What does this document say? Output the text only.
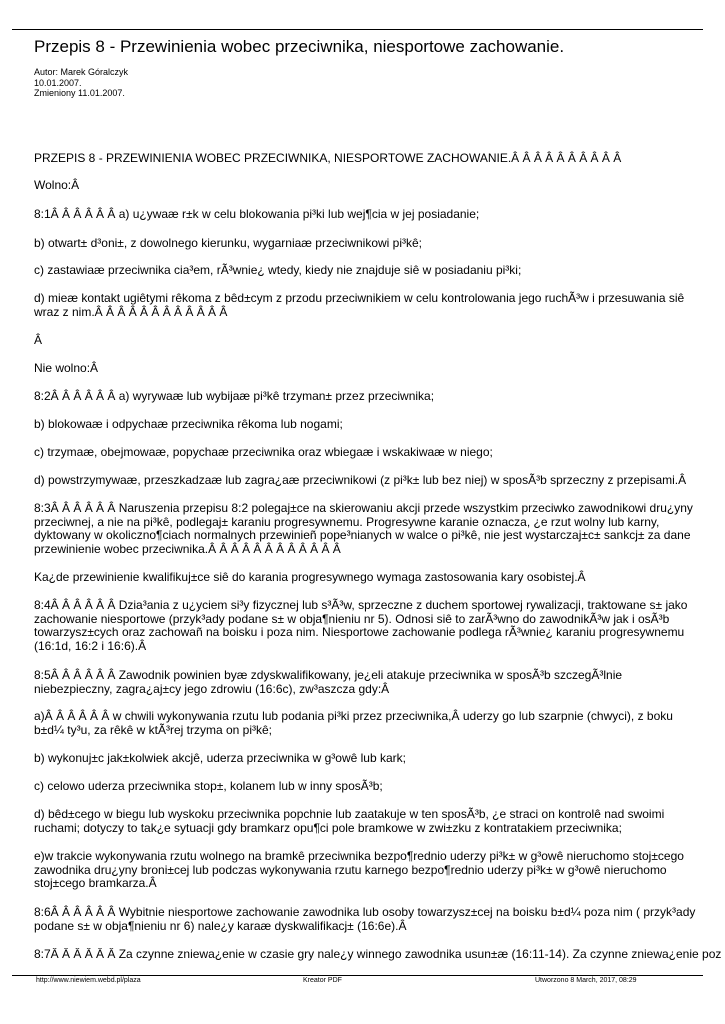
Przepis 8 - Przewinienia wobec przeciwnika, niesportowe zachowanie.
Autor: Marek Góralczyk
10.01.2007.
Zmieniony 11.01.2007.

PRZEPIS 8 - PRZEWINIENIA WOBEC PRZECIWNIKA, NIESPORTOWE ZACHOWANIE.Â Â Â Â Â Â Â Â Â Â

Wolno:Â

8:1Â Â Â Â Â Â a) u¿ywaæ r±k w celu blokowania pi³ki lub wej¶cia w jej posiadanie;

b) otwart± d³oni±, z dowolnego kierunku, wygarniaæ przeciwnikowi pi³kê;

c) zastawiaæ przeciwnika cia³em, rÃ³wnie¿ wtedy, kiedy nie znajduje siê w posiadaniu pi³ki;

d) mieæ kontakt ugiêtymi rêkoma z bêd±cym z przodu przeciwnikiem w celu kontrolowania jego ruchÃ³w i przesuwania siê wraz z nim.Â Â Â Â Â Â Â Â Â Â Â Â

Â

Nie wolno:Â

8:2Â Â Â Â Â Â a) wyrywaæ lub wybijaæ pi³kê trzyman± przez przeciwnika;

b) blokowaæ i odpychaæ przeciwnika rêkoma lub nogami;

c) trzymaæ, obejmowaæ, popychaæ przeciwnika oraz wbiegaæ i wskakiwaæ w niego;

d) powstrzymywaæ, przeszkadzaæ lub zagra¿aæ przeciwnikowi (z pi³k± lub bez niej) w sposÃ³b sprzeczny z przepisami.Â

8:3Â Â Â Â Â Â Naruszenia przepisu 8:2 polegaj±ce na skierowaniu akcji przede wszystkim przeciwko zawodnikowi dru¿yny przeciwnej, a nie na pi³kê, podlegaj± karaniu progresywnemu. Progresywne karanie oznacza, ¿e rzut wolny lub karny, dyktowany w okoliczno¶ciach normalnych przewinieñ pope³nianych w walce o pi³kê, nie jest wystarczaj±c± sankcj± za dane przewinienie wobec przeciwnika.Â Â Â Â Â Â Â Â Â Â Â Â

Ka¿de przewinienie kwalifikuj±ce siê do karania progresywnego wymaga zastosowania kary osobistej.Â

8:4Â Â Â Â Â Â Dzia³ania z u¿yciem si³y fizycznej lub s³Ã³w, sprzeczne z duchem sportowej rywalizacji, traktowane s± jako zachowanie niesportowe (przyk³ady podane s± w obja¶nieniu nr 5). Odnosi siê to zarÃ³wno do zawodnikÃ³w jak i osÃ³b towarzysz±cych oraz zachowañ na boisku i poza nim. Niesportowe zachowanie podlega rÃ³wnie¿ karaniu progresywnemu (16:1d, 16:2 i 16:6).Â

8:5Â Â Â Â Â Â Zawodnik powinien byæ zdyskwalifikowany, je¿eli atakuje przeciwnika w sposÃ³b szczegÃ³lnie niebezpieczny, zagra¿aj±cy jego zdrowiu (16:6c), zw³aszcza gdy:Â

a)Â Â Â Â Â Â w chwili wykonywania rzutu lub podania pi³ki przez przeciwnika,Â uderzy go lub szarpnie (chwyci), z boku b±d¼ ty³u, za rêkê w ktÃ³rej trzyma on pi³kê;

b) wykonuj±c jak±kolwiek akcjê, uderza przeciwnika w g³owê lub kark;

c) celowo uderza przeciwnika stop±, kolanem lub w inny sposÃ³b;

d) bêd±cego w biegu lub wyskoku przeciwnika popchnie lub zaatakuje w ten sposÃ³b, ¿e straci on kontrolê nad swoimi ruchami; dotyczy to tak¿e sytuacji gdy bramkarz opu¶ci pole bramkowe w zwi±zku z kontratakiem przeciwnika;

e)w trakcie wykonywania rzutu wolnego na bramkê przeciwnika bezpo¶rednio uderzy pi³k± w g³owê nieruchomo stoj±cego zawodnika dru¿yny broni±cej lub podczas wykonywania rzutu karnego bezpo¶rednio uderzy pi³k± w g³owê nieruchomo stoj±cego bramkarza.Â

8:6Â Â Â Â Â Â Wybitnie niesportowe zachowanie zawodnika lub osoby towarzysz±cej na boisku b±d¼ poza nim ( przyk³ady podane s± w obja¶nieniu nr 6) nale¿y karaæ dyskwalifikacj± (16:6e).Â

8:7Â Â Â Â Â Â Za czynne zniewa¿enie w czasie gry nale¿y winnego zawodnika usun±æ (16:11-14). Za czynne zniewa¿enie poz

http://www.niewiem.webd.pl/plaza	Kreator PDF	Utworzono 8 March, 2017, 08:29
